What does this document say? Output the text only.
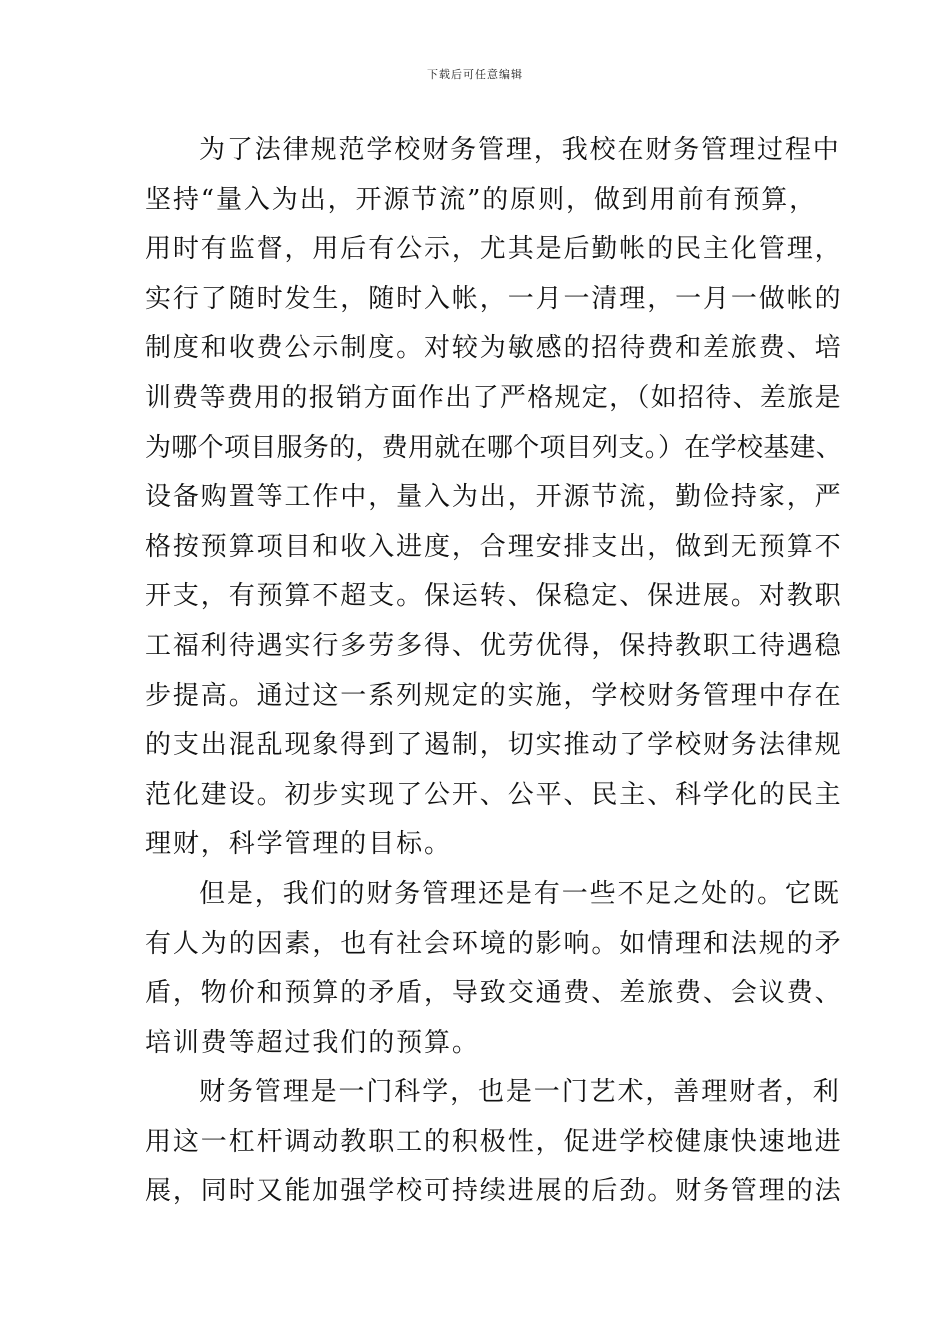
下载后可任意编辑
为了法律规范学校财务管理，我校在财务管理过程中
坚持“量入为出，开源节流”的原则，做到用前有预算，
用时有监督，用后有公示，尤其是后勤帐的民主化管理，
实行了随时发生，随时入帐，一月一清理，一月一做帐的
制度和收费公示制度。对较为敏感的招待费和差旅费、培
训费等费用的报销方面作出了严格规定，（如招待、差旅是
为哪个项目服务的，费用就在哪个项目列支。）在学校基建、
设备购置等工作中，量入为出，开源节流，勤俭持家，严
格按预算项目和收入进度，合理安排支出，做到无预算不
开支，有预算不超支。保运转、保稳定、保进展。对教职
工福利待遇实行多劳多得、优劳优得，保持教职工待遇稳
步提高。通过这一系列规定的实施，学校财务管理中存在
的支出混乱现象得到了遏制，切实推动了学校财务法律规
范化建设。初步实现了公开、公平、民主、科学化的民主
理财，科学管理的目标。
但是，我们的财务管理还是有一些不足之处的。它既
有人为的因素，也有社会环境的影响。如情理和法规的矛
盾，物价和预算的矛盾，导致交通费、差旅费、会议费、
培训费等超过我们的预算。
财务管理是一门科学，也是一门艺术，善理财者，利
用这一杠杆调动教职工的积极性，促进学校健康快速地进
展，同时又能加强学校可持续进展的后劲。财务管理的法
